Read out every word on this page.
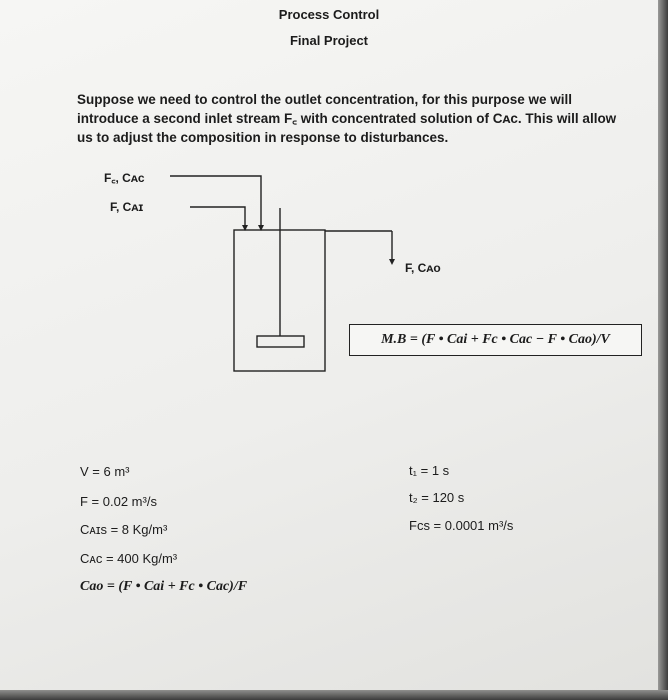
Process Control
Final Project
Suppose we need to control the outlet concentration, for this purpose we will introduce a second inlet stream F꜀ with concentrated solution of Cᴀᴄ. This will allow us to adjust the composition in response to disturbances.
F꜀, Cᴀᴄ
F, Cᴀɪ
F, Cᴀᴏ
M.B = (F • Cai + Fc • Cac − F • Cao)/V
V = 6 m³
F = 0.02 m³/s
Cᴀɪs = 8 Kg/m³
Cᴀᴄ = 400 Kg/m³
Cao = (F • Cai + Fc • Cac)/F
t₁ = 1 s
t₂ = 120 s
Fcs = 0.0001 m³/s
